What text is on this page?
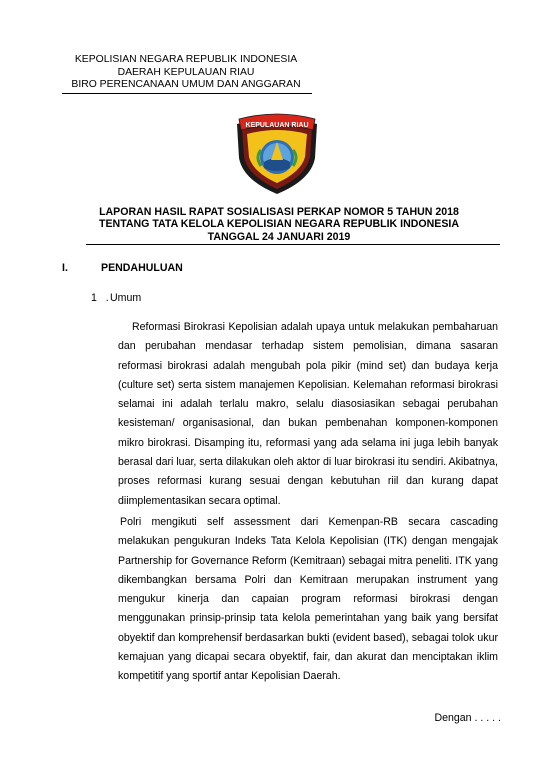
KEPOLISIAN NEGARA REPUBLIK INDONESIA
DAERAH KEPULAUAN RIAU
BIRO PERENCANAAN UMUM DAN ANGGARAN
KEPULAUAN RIAU
LAPORAN HASIL RAPAT SOSIALISASI PERKAP NOMOR 5 TAHUN 2018
TENTANG TATA KELOLA KEPOLISIAN NEGARA REPUBLIK INDONESIA
TANGGAL 24 JANUARI 2019
I.	PENDAHULUAN
1   . Umum

Reformasi Birokrasi Kepolisian adalah upaya untuk melakukan pembaharuan dan perubahan mendasar terhadap sistem pemolisian, dimana sasaran reformasi birokrasi adalah mengubah pola pikir (mind set) dan budaya kerja (culture set) serta sistem manajemen Kepolisian. Kelemahan reformasi birokrasi selamai ini adalah terlalu makro, selalu diasosiasikan sebagai perubahan kesisteman/ organisasional, dan bukan pembenahan komponen-komponen mikro birokrasi. Disamping itu, reformasi yang ada selama ini juga lebih banyak berasal dari luar, serta dilakukan oleh aktor di luar birokrasi itu sendiri. Akibatnya, proses reformasi kurang sesuai dengan kebutuhan riil dan kurang dapat diimplementasikan secara optimal.

Polri mengikuti self assessment dari Kemenpan-RB secara cascading melakukan pengukuran Indeks Tata Kelola Kepolisian (ITK) dengan mengajak Partnership for Governance Reform (Kemitraan) sebagai mitra peneliti. ITK yang dikembangkan bersama Polri dan Kemitraan merupakan instrument yang mengukur kinerja dan capaian program reformasi birokrasi dengan menggunakan prinsip-prinsip tata kelola pemerintahan yang baik yang bersifat obyektif dan komprehensif berdasarkan bukti (evident based), sebagai tolok ukur kemajuan yang dicapai secara obyektif, fair, dan akurat dan menciptakan iklim kompetitif yang sportif antar Kepolisian Daerah.

Dengan . . . . .
